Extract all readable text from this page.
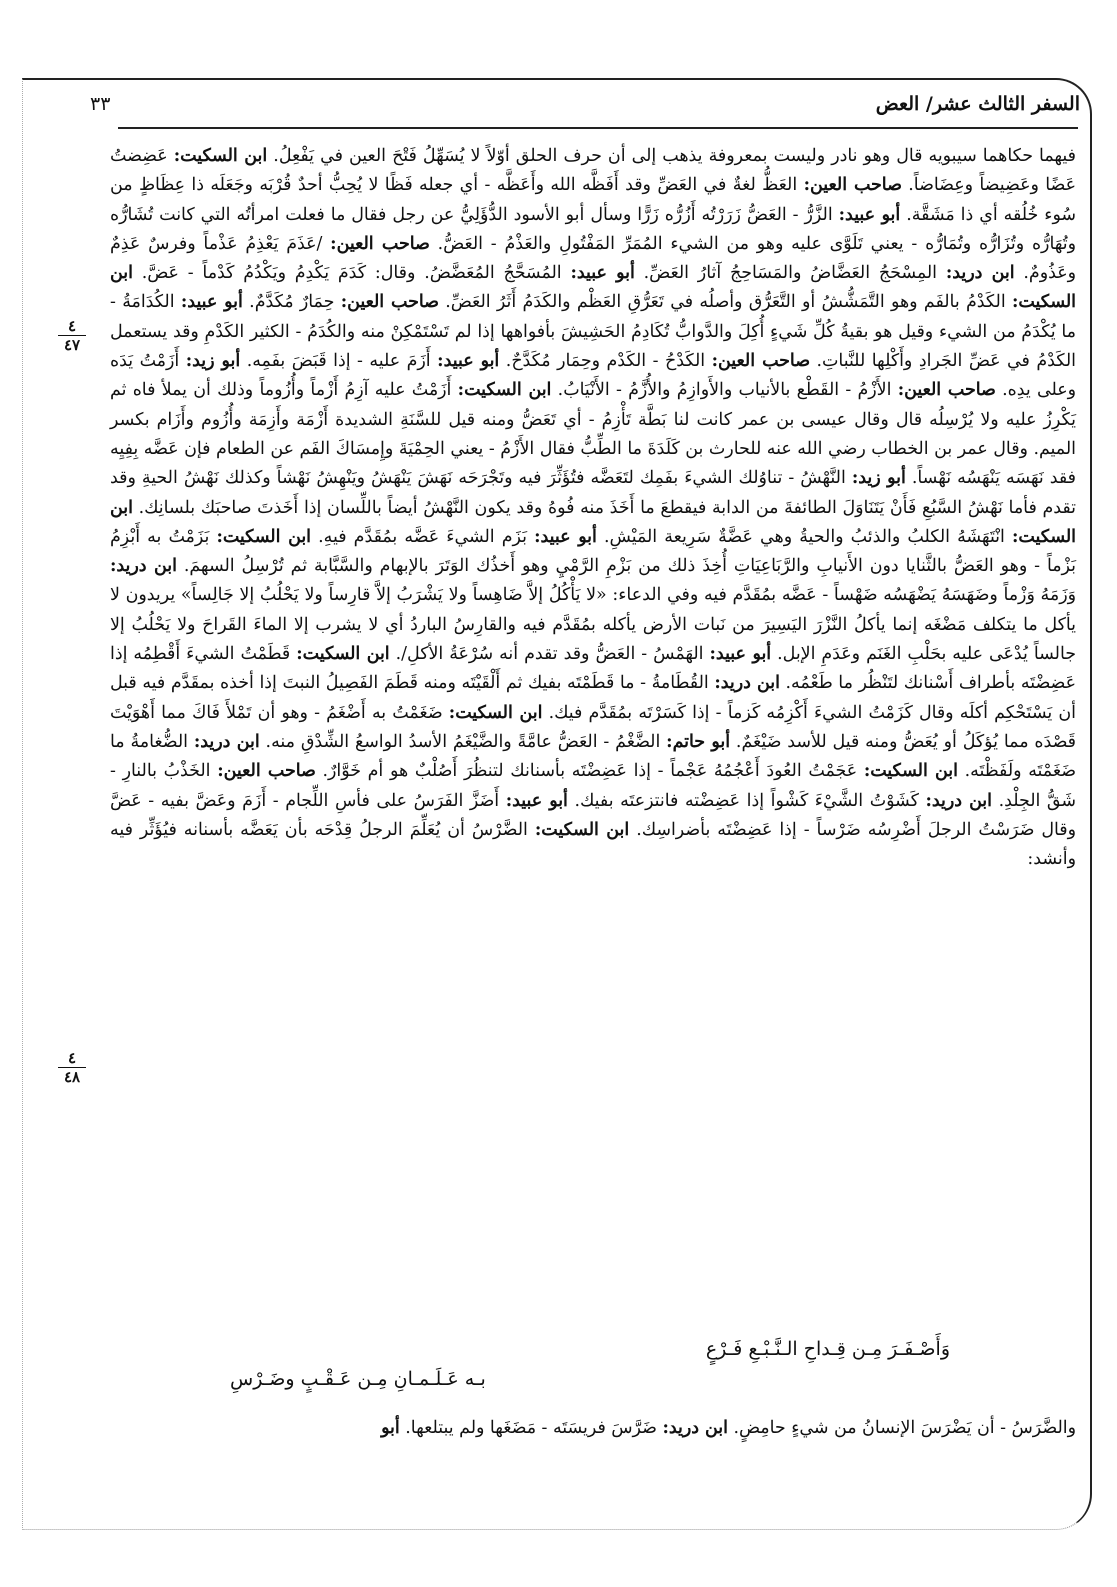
السفر الثالث عشر/ العض
٣٣

فيهما حكاهما سيبويه قال وهو نادر وليست بمعروفة يذهب إلى أن حرف الحلق أوّلاً لا يُسَهِّلُ فَتْحَ العين في يَفْعِلُ. ابن السكيت: عَضِضتُ عَضًا وعَضِيضاً وعِضَاضاً. صاحب العين: العَظُّ لغةٌ في العَضِّ وقد أَفَظَّه الله وأَعَظَّه - أي جعله فَظًا لا يُحِبُّ أحدٌ قُرْبَه وجَعَلَه ذا عِظَاظٍ من سُوء خُلُقه أي ذا مَشَقَّة. أبو عبيد: الزَّرُّ - العَضُّ زَرَرْتُه أَزُرُّه زَرًّا وسأل أبو الأسود الدُّؤَلِيُّ عن رجل فقال ما فعلت امرأتُه التي كانت تُشَارُّه وتُهَارُّه وتُزَارُّه وتُمَارُّه - يعني تَلَوَّى عليه وهو من الشيء المُمَرِّ المَفْتُولِ والعَذْمُ - العَضُّ. صاحب العين: /عَذَمَ يَعْذِمُ عَذْماً وفرسٌ عَذِمٌ وعَذُومٌ. ابن دريد: المِسْحَجُ العَضَّاضُ والمَسَاحِجُ آثارُ العَضِّ. أبو عبيد: المُسَحَّجُ المُعَضَّضُ. وقال: كَدَمَ يَكْدِمُ ويَكْدُمُ كَدْماً - عَضَّ. ابن السكيت: الكَدْمُ بالفَم وهو التَّمَشُّشُ أو التَّعَرُّق وأصلُه في تَعَرُّقِ العَظْم والكَدَمُ أَثَرُ العَضِّ. صاحب العين: حِمَارٌ مُكَدَّمٌ. أبو عبيد: الكُدَامَةُ - ما يُكْدَمُ من الشيء وقيل هو بقيةُ كُلِّ شَيءٍ أُكِلَ والدَّوابُّ تُكَادِمُ الحَشِيشَ بأفواهها إذا لم تَسْتَمْكِنْ منه والكُدَمُ - الكثير الكَدْمِ وقد يستعمل الكَدْمُ في عَضِّ الجَرادِ وأَكْلِها للنَّباتِ. صاحب العين: الكَدْحُ - الكَدْم وحِمَار مُكَدَّحٌ. أبو عبيد: أَزَمَ عليه - إذا قَبَضَ بفَمِه. أبو زيد: أَزَمْتُ يَدَه وعلى يدِه. صاحب العين: الأَزْمُ - القَطْع بالأنياب والأَوازِمُ والأُزَّمُ - الأَنْيَابُ. ابن السكيت: أَزَمْتُ عليه آزِمُ أَزْماً وأُزُوماً وذلك أن يملأ فاه ثم يَكْرِزُ عليه ولا يُرْسِلُه قال وقال عيسى بن عمر كانت لنا بَطَّة تَأْزِمُ - أي تَعَضُّ ومنه قيل للسَّنَةِ الشديدة أَزْمَة وأَزِمَة وأُزُوم وأَزَام بكسر الميم. وقال عمر بن الخطاب رضي الله عنه للحارث بن كَلَدَةَ ما الطِّبُّ فقال الأَزْمُ - يعني الحِمْيَةَ وإِمسَاكَ الفَم عن الطعام فإن عَضَّه بِفِيِه فقد نَهَسَه يَنْهَسُه نَهْساً. أبو زيد: النَّهْشُ - تناوُلك الشيءَ بفَمِك لتَعَضَّه فتُؤَثِّرَ فيه وتَجْرَحَه نَهَشَ يَنْهَشُ ويَنْهِشُ نَهْشاً وكذلك نَهْشُ الحيةِ وقد تقدم فأما نَهْشُ السَّبُعِ فَأَنْ يَتَنَاوَلَ الطائفةَ من الدابة فيقطعَ ما أَخَذَ منه فُوهُ وقد يكون النَّهْشُ أيضاً باللِّسان إذا أَخَذتَ صاحبَك بلسانِك. ابن السكيت: انْتَهَشَهُ الكلبُ والذئبُ والحيةُ وهي عَضَّةٌ سَرِيعة المَيْشِ. أبو عبيد: بَزَم الشيءَ عَضَّه بمُقَدَّم فيهِ. ابن السكيت: بَزَمْتُ به أَبْزِمُ بَزْماً - وهو العَضُّ بالثَّنايا دون الأَنيابِ والرَّبَاعِيَاتِ أُخِذَ ذلك من بَزْمِ الرَّمْيِ وهو أَخذُك الوَتَرَ بالإبهام والسَّبَّابة ثم تُرْسِلُ السهمَ. ابن دريد: وَزَمَهُ وَزْماً وضَهَسَهُ يَضْهَسُه ضَهْساً - عَضَّه بمُقَدَّم فيه وفي الدعاء: «لا يَأْكُلُ إلاَّ ضَاهِساً ولا يَشْرَبُ إلاَّ قارِساً ولا يَحْلُبُ إلا جَالِساً» يريدون لا يأكل ما يتكلف مَضْغَه إنما يأكلُ النَّزْرَ اليَسِيرَ من نَبات الأرض يأكله بمُقَدَّم فيه والقارِسُ الباردُ أي لا يشرب إلا الماءَ القَراحَ ولا يَحْلُبُ إلا جالساً يُدْعَى عليه بحَلْبِ الغَنَم وعَدَمِ الإبل. أبو عبيد: الهَمْسُ - العَضُّ وقد تقدم أنه سُرْعَةُ الأكلِ/. ابن السكيت: قَطَمْتُ الشيءَ أَقْطِمُه إذا عَضِضْتَه بأطراف أَسْنانك لتَنْظُر ما طَعْمُه. ابن دريد: القُطَامةُ - ما قَطَمْتَه بفيك ثم أَلْقَيْتَه ومنه قَطَمَ الفَصِيلُ النبتَ إذا أخذه بمقَدَّم فيه قبل أن يَسْتَحْكِم أكلَه وقال كَزَمْتُ الشيءَ أَكْزِمُه كَزماً - إذا كَسَرْتَه بمُقَدَّم فيك. ابن السكيت: ضَغَمْتُ به أَضْغَمُ - وهو أن تَمْلأَ فَاكَ مما أَهْوَيْتَ قَصْدَه مما يُؤكَلُ أو يُعَضُّ ومنه قيل للأسد ضَيْغَمٌ. أبو حاتم: الضَّغْمُ - العَضُّ عامَّةً والضَّيْغَمُ الأسدُ الواسعُ الشِّدْقِ منه. ابن دريد: الضُّغامةُ ما ضَغَمْتَه ولَفَظْتَه. ابن السكيت: عَجَمْتُ العُودَ أَعْجُمُهُ عَجْماً - إذا عَضِضْتَه بأسنانك لتنظُرَ أَصُلْبٌ هو أم خَوَّارٌ. صاحب العين: الخَذْبُ بالنارِ - شَقُّ الجِلْدِ. ابن دريد: كَشَوْتُ الشَّيْءَ كَشْواً إذا عَضِضْته فانتزعتَه بفيك. أبو عبيد: أَضَزَّ الفَرَسُ على فأسِ اللِّجام - أَزَمَ وعَضَّ بفيه - عَضَّ وقال ضَرَسْتُ الرجلَ أَضْرِسُه ضَرْساً - إذا عَضِضْتَه بأضراسِك. ابن السكيت: الضَّرْسُ أن يُعَلِّمَ الرجلُ قِدْحَه بأن يَعَضَّه بأسنانه فيُؤَثِّر فيه وأنشد:

٤
٤٧
٤
٤٨
وَأَصْـفَـرَ مِـن قِـداحِ الـنَّـبْـعِ فَـرْعٍ
بـه عَـلَـمـانِ مِـن عَـقْـبٍ وضَـرْسِ
والضَّرَسُ - أن يَضْرَسَ الإنسانُ من شيءٍ حامِضٍ. ابن دريد: ضَرَّسَ فريسَتَه - مَضَغَها ولم يبتلعها. أبو
